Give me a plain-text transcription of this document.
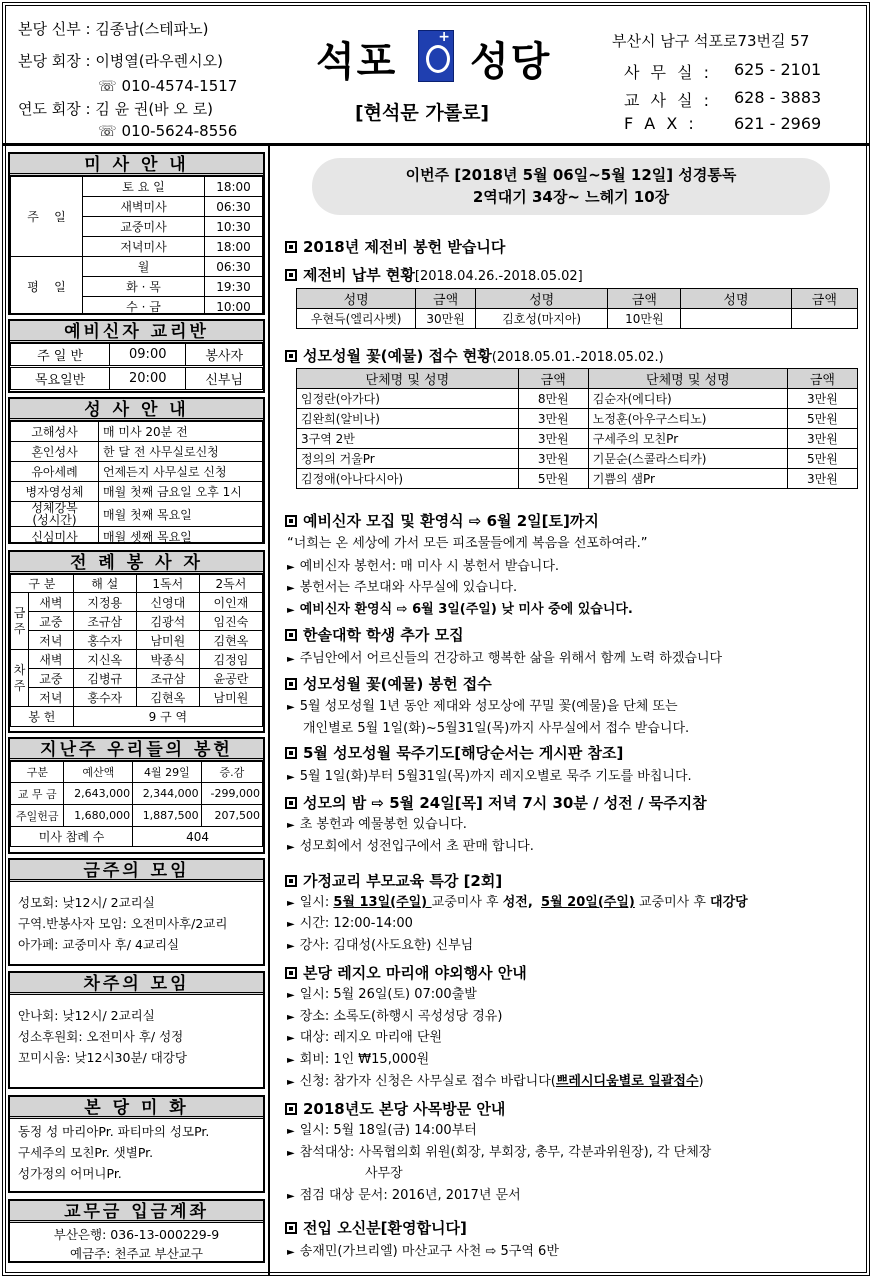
본당 신부 : 김종남(스테파노)
본당 회장 : 이병열(라우렌시오)
☏ 010-4574-1517
연도 회장 : 김 윤 권(바 오 로)
☏ 010-5624-8556
석포 + 성당
[현석문 가롤로]
부산시 남구 석포로73번길 57
사 무 실 : 625 - 2101
교 사 실 : 628 - 3883
F A X : 621 - 2969
미 사 안 내
주    일	토 요 일	18:00
	새벽미사	06:30
	교중미사	10:30
	저녁미사	18:00
평    일	월	06:30
	화 · 목	19:30
	수 · 금	10:00
예비신자 교리반
주 일 반	09:00	봉사자
목요일반	20:00	신부님
성 사 안 내
고해성사	매 미사 20분 전
혼인성사	한 달 전 사무실로신청
유아세례	언제든지 사무실로 신청
병자영성체	매월 첫째 금요일 오후 1시
성체강복
(성시간)	매월 첫째 목요일
신심미사	매월 셋째 목요일
전 례 봉 사 자
구 분		해 설	1독서	2독서
금주	새벽	지정용	신영대	이인재
	교중	조규삼	김광석	임진숙
	저녁	홍수자	남미원	김현옥
차주	새벽	지신옥	박종식	김정임
	교중	김병규	조규삼	윤공란
	저녁	홍수자	김현옥	남미원
봉 헌		9 구 역		
지난주 우리들의 봉헌
구분	예산액	4월 29일	증.감
교 무 금	2,643,000	2,344,000	-299,000
주일헌금	1,680,000	1,887,500	207,500
미사 참례 수		404	
금주의 모임
성모회: 낮12시/ 2교리실
구역.반봉사자 모임: 오전미사후/2교리
아가페: 교중미사 후/ 4교리실
차주의 모임
안나회: 낮12시/ 2교리실
성소후원회: 오전미사 후/ 성정
꼬미시움: 낮12시30분/ 대강당
본 당 미 화
동정 성 마리아Pr. 파티마의 성모Pr.
구세주의 모친Pr. 샛별Pr.
성가정의 어머니Pr.
교무금 입금계좌
부산은행: 036-13-000229-9
예금주: 천주교 부산교구
이번주 [2018년 5월 06일~5월 12일] 성경통독
2역대기 34장~ 느헤기 10장
2018년 제전비 봉헌 받습니다
제전비 납부 현황[2018.04.26.-2018.05.02]
성명	금액	성명	금액	성명	금액
우현득(엘리사벳)	30만원	김호성(마지아)	10만원		
성모성월 꽃(예물) 접수 현황(2018.05.01.-2018.05.02.)
단체명 및 성명	금액	단체명 및 성명	금액
임정란(아가다)	8만원	김순자(에디타)	3만원
김완희(알비나)	3만원	노정훈(아우구스티노)	5만원
3구역 2반	3만원	구세주의 모친Pr	3만원
정의의 거울Pr	3만원	기문순(스콜라스티카)	5만원
김정애(아나다시아)	5만원	기쁨의 샘Pr	3만원
예비신자 모집 및 환영식 ⇨ 6월 2일[토]까지
“너희는 온 세상에 가서 모든 피조물들에게 복음을 선포하여라.”
► 예비신자 봉헌서: 매 미사 시 봉헌서 받습니다.
► 봉헌서는 주보대와 사무실에 있습니다.
► 예비신자 환영식 ⇨ 6월 3일(주일) 낮 미사 중에 있습니다.
한솔대학 학생 추가 모집
► 주님안에서 어르신들의 건강하고 행복한 삶을 위해서 함께 노력 하겠습니다
성모성월 꽃(예물) 봉헌 접수
► 5월 성모성월 1년 동안 제대와 성모상에 꾸밀 꽃(예물)을 단체 또는
개인별로 5월 1일(화)~5월31일(목)까지 사무실에서 접수 받습니다.
5월 성모성월 묵주기도[해당순서는 게시판 참조]
► 5월 1일(화)부터 5월31일(목)까지 레지오별로 묵주 기도를 바칩니다.
성모의 밤 ⇨ 5월 24일[목] 저녁 7시 30분 / 성전 / 묵주지참
► 초 봉헌과 예물봉헌 있습니다.
► 성모회에서 성전입구에서 초 판매 합니다.
가정교리 부모교육 특강 [2회]
► 일시: 5월 13일(주일) 교중미사 후 성전, 5월 20일(주일) 교중미사 후 대강당
► 시간: 12:00-14:00
► 강사: 김대성(사도요한) 신부님
본당 레지오 마리애 야외행사 안내
► 일시: 5월 26일(토) 07:00출발
► 장소: 소록도(하행시 곡성성당 경유)
► 대상: 레지오 마리애 단원
► 회비: 1인 ₩15,000원
► 신청: 참가자 신청은 사무실로 접수 바랍니다(쁘레시디움별로 일괄접수)
2018년도 본당 사목방문 안내
► 일시: 5월 18일(금) 14:00부터
► 참석대상: 사목협의회 위원(회장, 부회장, 총무, 각분과위원장), 각 단체장
사무장
► 점검 대상 문서: 2016년, 2017년 문서
전입 오신분[환영합니다]
► 송재민(가브리엘) 마산교구 사천 ⇨ 5구역 6반
